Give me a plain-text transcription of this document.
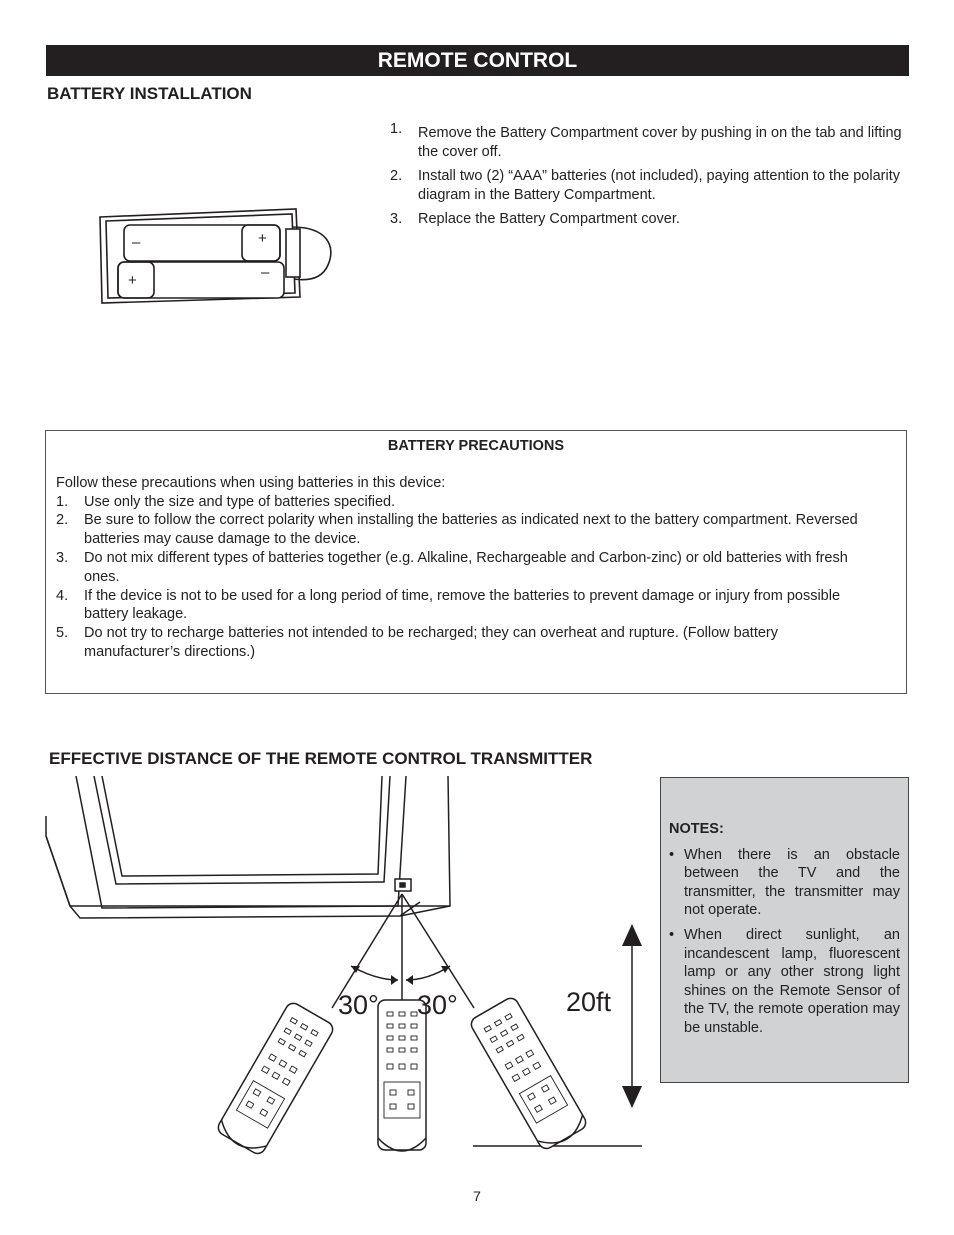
REMOTE CONTROL
BATTERY INSTALLATION
–	+
+	–
1.	Remove the Battery Compartment cover by pushing in on the tab and lifting the cover off.
2.	Install two (2) “AAA” batteries (not included), paying attention to the polarity diagram in the Battery Compartment.
3.	Replace the Battery Compartment cover.
BATTERY PRECAUTIONS
Follow these precautions when using batteries in this device:
1.	Use only the size and type of batteries specified.
2.	Be sure to follow the correct polarity when installing the batteries as indicated next to the battery compartment. Reversed batteries may cause damage to the device.
3.	Do not mix different types of batteries together (e.g. Alkaline, Rechargeable and Carbon-zinc) or old batteries with fresh ones.
4.	If the device is not to be used for a long period of time, remove the batteries to prevent damage or injury from possible battery leakage.
5.	Do not try to recharge batteries not intended to be recharged; they can overheat and rupture. (Follow battery manufacturer’s directions.)
EFFECTIVE DISTANCE OF THE REMOTE CONTROL TRANSMITTER
30° 30°	20ft
NOTES:
• When there is an obstacle between the TV and the transmitter, the transmitter may not operate.
• When direct sunlight, an incandescent lamp, fluorescent lamp or any other strong light shines on the Remote Sensor of the TV, the remote operation may be unstable.
7
